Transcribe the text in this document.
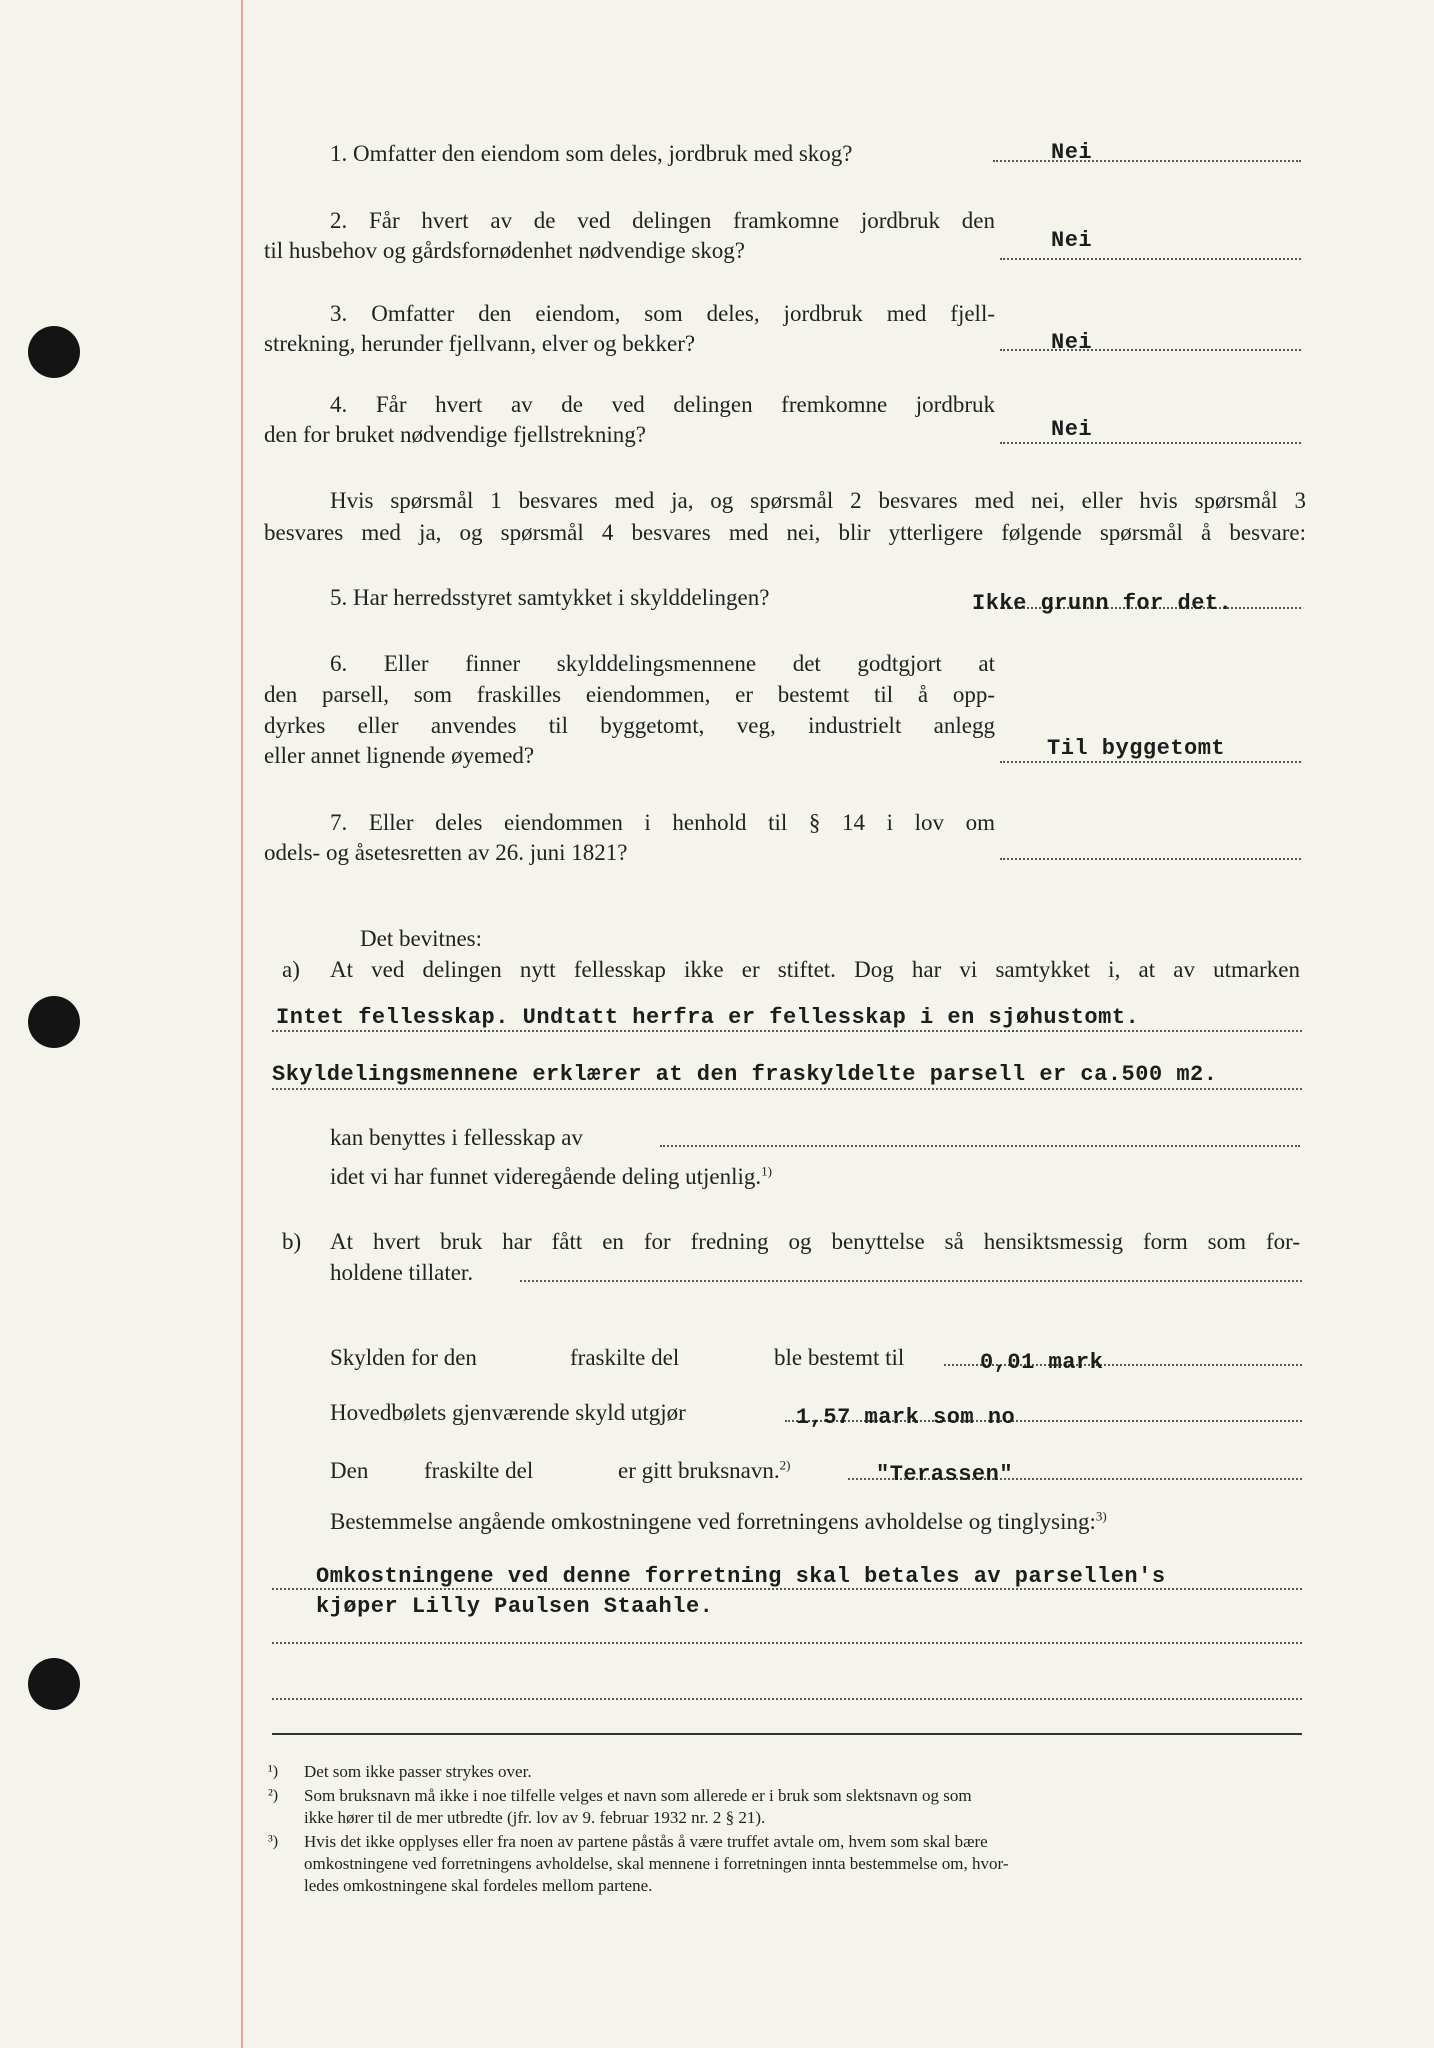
1. Omfatter den eiendom som deles, jordbruk med skog?	Nei
2. Får hvert av de ved delingen framkomne jordbruk den
til husbehov og gårdsfornødenhet nødvendige skog?	Nei
3. Omfatter den eiendom, som deles, jordbruk med fjell-
strekning, herunder fjellvann, elver og bekker?	Nei
4. Får hvert av de ved delingen fremkomne jordbruk
den for bruket nødvendige fjellstrekning?	Nei
Hvis spørsmål 1 besvares med ja, og spørsmål 2 besvares med nei, eller hvis spørsmål 3
besvares med ja, og spørsmål 4 besvares med nei, blir ytterligere følgende spørsmål å besvare:
5. Har herredsstyret samtykket i skylddelingen?	Ikke grunn for det.
6. Eller finner skylddelingsmennene det godtgjort at
den parsell, som fraskilles eiendommen, er bestemt til å opp-
dyrkes eller anvendes til byggetomt, veg, industrielt anlegg
eller annet lignende øyemed?	Til byggetomt
7. Eller deles eiendommen i henhold til § 14 i lov om
odels- og åsetesretten av 26. juni 1821?
Det bevitnes:
a) At ved delingen nytt fellesskap ikke er stiftet. Dog har vi samtykket i, at av utmarken
Intet fellesskap. Undtatt herfra er fellesskap i en sjøhustomt.
Skyldelingsmennene erklærer at den fraskyldelte parsell er ca.500 m2.
kan benyttes i fellesskap av
idet vi har funnet videregående deling utjenlig.$^{1)}$
b) At hvert bruk har fått en for fredning og benyttelse så hensiktsmessig form som for-
holdene tillater.
Skylden for den	fraskilte del	ble bestemt til	0,01 mark
Hovedbølets gjenværende skyld utgjør	1,57 mark som no
Den fraskilte del	er gitt bruksnavn.$^{2)}$	"Terassen"
Bestemmelse angående omkostningene ved forretningens avholdelse og tinglysing:$^{3)}$
Omkostningene ved denne forretning skal betales av parsellen's
kjøper Lilly Paulsen Staahle.
¹) Det som ikke passer strykes over.
²) Som bruksnavn må ikke i noe tilfelle velges et navn som allerede er i bruk som slektsnavn og som
ikke hører til de mer utbredte (jfr. lov av 9. februar 1932 nr. 2 § 21).
³) Hvis det ikke opplyses eller fra noen av partene påstås å være truffet avtale om, hvem som skal bære
omkostningene ved forretningens avholdelse, skal mennene i forretningen innta bestemmelse om, hvor-
ledes omkostningene skal fordeles mellom partene.
